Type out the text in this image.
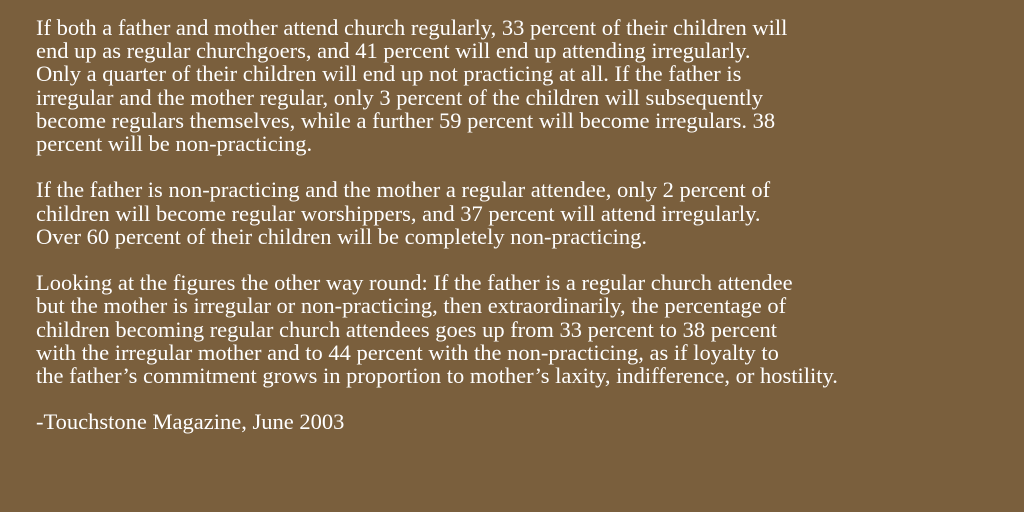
If both a father and mother attend church regularly, 33 percent of their children will
end up as regular churchgoers, and 41 percent will end up attending irregularly.
Only a quarter of their children will end up not practicing at all. If the father is
irregular and the mother regular, only 3 percent of the children will subsequently
become regulars themselves, while a further 59 percent will become irregulars. 38
percent will be non-practicing.

If the father is non-practicing and the mother a regular attendee, only 2 percent of
children will become regular worshippers, and 37 percent will attend irregularly.
Over 60 percent of their children will be completely non-practicing.

Looking at the figures the other way round: If the father is a regular church attendee
but the mother is irregular or non-practicing, then extraordinarily, the percentage of
children becoming regular church attendees goes up from 33 percent to 38 percent
with the irregular mother and to 44 percent with the non-practicing, as if loyalty to
the father’s commitment grows in proportion to mother’s laxity, indifference, or hostility.

-Touchstone Magazine, June 2003
